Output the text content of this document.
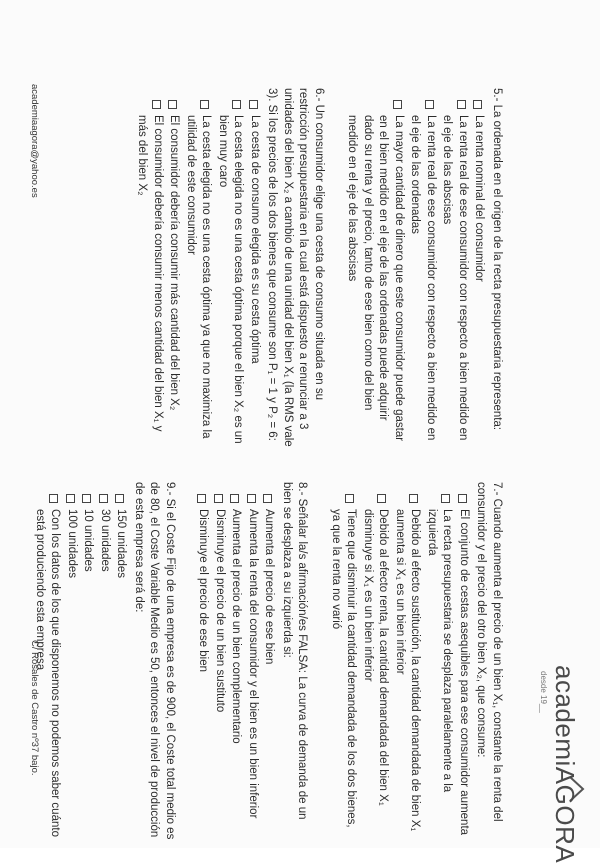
academiAGORA
desde 19__
5.- La ordenada en el origen de la recta presupuestaria representa:
La renta nominal del consumidor
La renta real de ese consumidor con respecto a bien medido en el eje de las abscisas
La renta real de ese consumidor con respecto a bien medido en el eje de las ordenadas
La mayor cantidad de dinero que este consumidor puede gastar en el bien medido en el eje de las ordenadas puede adquirir dado su renta y el precio, tanto de ese bien como del bien medido en el eje de las abscisas
6.- Un consumidor elige una cesta de consumo situada en su restricción presupuestaria en la cual está dispuesto a renunciar a 3 unidades del bien X₂ a cambio de una unidad del bien X₁ (la RMS vale 3). Si los precios de los dos bienes que consume son P₁ = 1 y P₂ = 6:
La cesta de consumo elegida es su cesta óptima
La cesta elegida no es una cesta óptima porque el bien X₂ es un bien muy caro
La cesta elegida no es una cesta óptima ya que no maximiza la utilidad de este consumidor
El consumidor debería consumir más cantidad del bien X₂
El consumidor debería consumir menos cantidad del bien X₁ y más del bien X₂
7.- Cuando aumenta el precio de un bien X₁, constante la renta del consumidor y el precio del otro bien X₂, que consume:
El conjunto de cestas asequibles para ese consumidor aumenta
La recta presupuestaria se desplaza paralelamente a la izquierda
Debido al efecto sustitución, la cantidad demandada de bien X₁ aumenta si X₁ es un bien inferior
Debido al efecto renta, la cantidad demandada del bien X₁ disminuye si X₁ es un bien inferior
Tiene que disminuir la cantidad demandada de los dos bienes, ya que la renta no varió
8.- Señalar la/s afirmación/es FALSA: La curva de demanda de un bien se desplaza a su izquierda si:
Aumenta el precio de ese bien
Aumenta la renta del consumidor y el bien es un bien inferior
Aumenta el precio de un bien complementario
Disminuye el precio de un bien sustituto
Disminuye el precio de ese bien
9.- Si el Coste Fijo de una empresa es de 900, el Coste total medio es de 80, el Coste Variable Medio es 50, entonces el nivel de producción de esta empresa será de:
150 unidades
30 unidades
10 unidades
100 unidades
Con los datos de los que disponemos no podemos saber cuánto está produciendo esta empresa
academiaagora@yahoo.es
C/ Rosales de Castro nº37 bajo.
